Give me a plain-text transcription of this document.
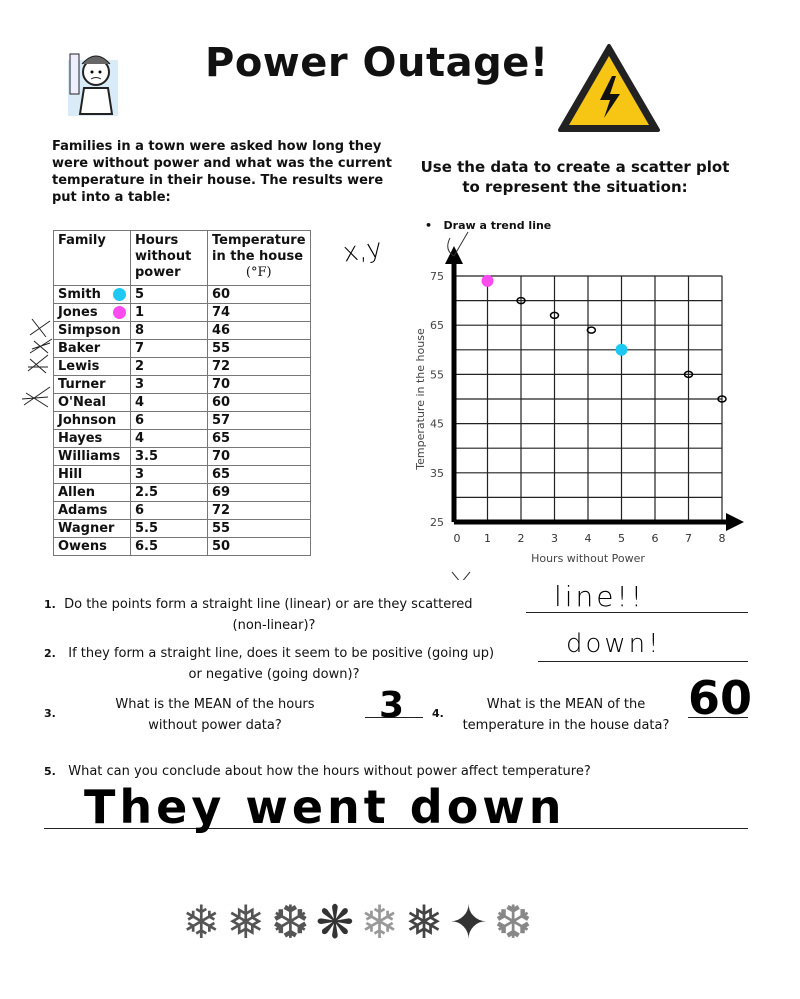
Power Outage!
Families in a town were asked how long they were without power and what was the current temperature in their house. The results were put into a table:
Use the data to create a scatter plot to represent the situation:
•   Draw a trend line
Family	Hours without power	Temperature in the house
(°F)

Smith	5	60
Jones	1	74
Simpson	8	46
Baker	7	55
Lewis	2	72
Turner	3	70
O'Neal	4	60
Johnson	6	57
Hayes	4	65
Williams	3.5	70
Hill	3	65
Allen	2.5	69
Adams	6	72
Wagner	5.5	55
Owens	6.5	50
0 1 2 3 4 5 6 7 8
75
65
55
45
35
25
Hours without Power
Temperature in the house
x,y
1. Do the points form a straight line (linear) or are they scattered
(non-linear)?
line!!
2. If they form a straight line, does it seem to be positive (going up)
or negative (going down)?
down!
3.
What is the MEAN of the hours
without power data?	3	4.
What is the MEAN of the
temperature in the house data?
60
5. What can you conclude about how the hours without power affect temperature?
They went down
❄ ❅ ❆ ❋ ❄ ❅ ✦ ❆
